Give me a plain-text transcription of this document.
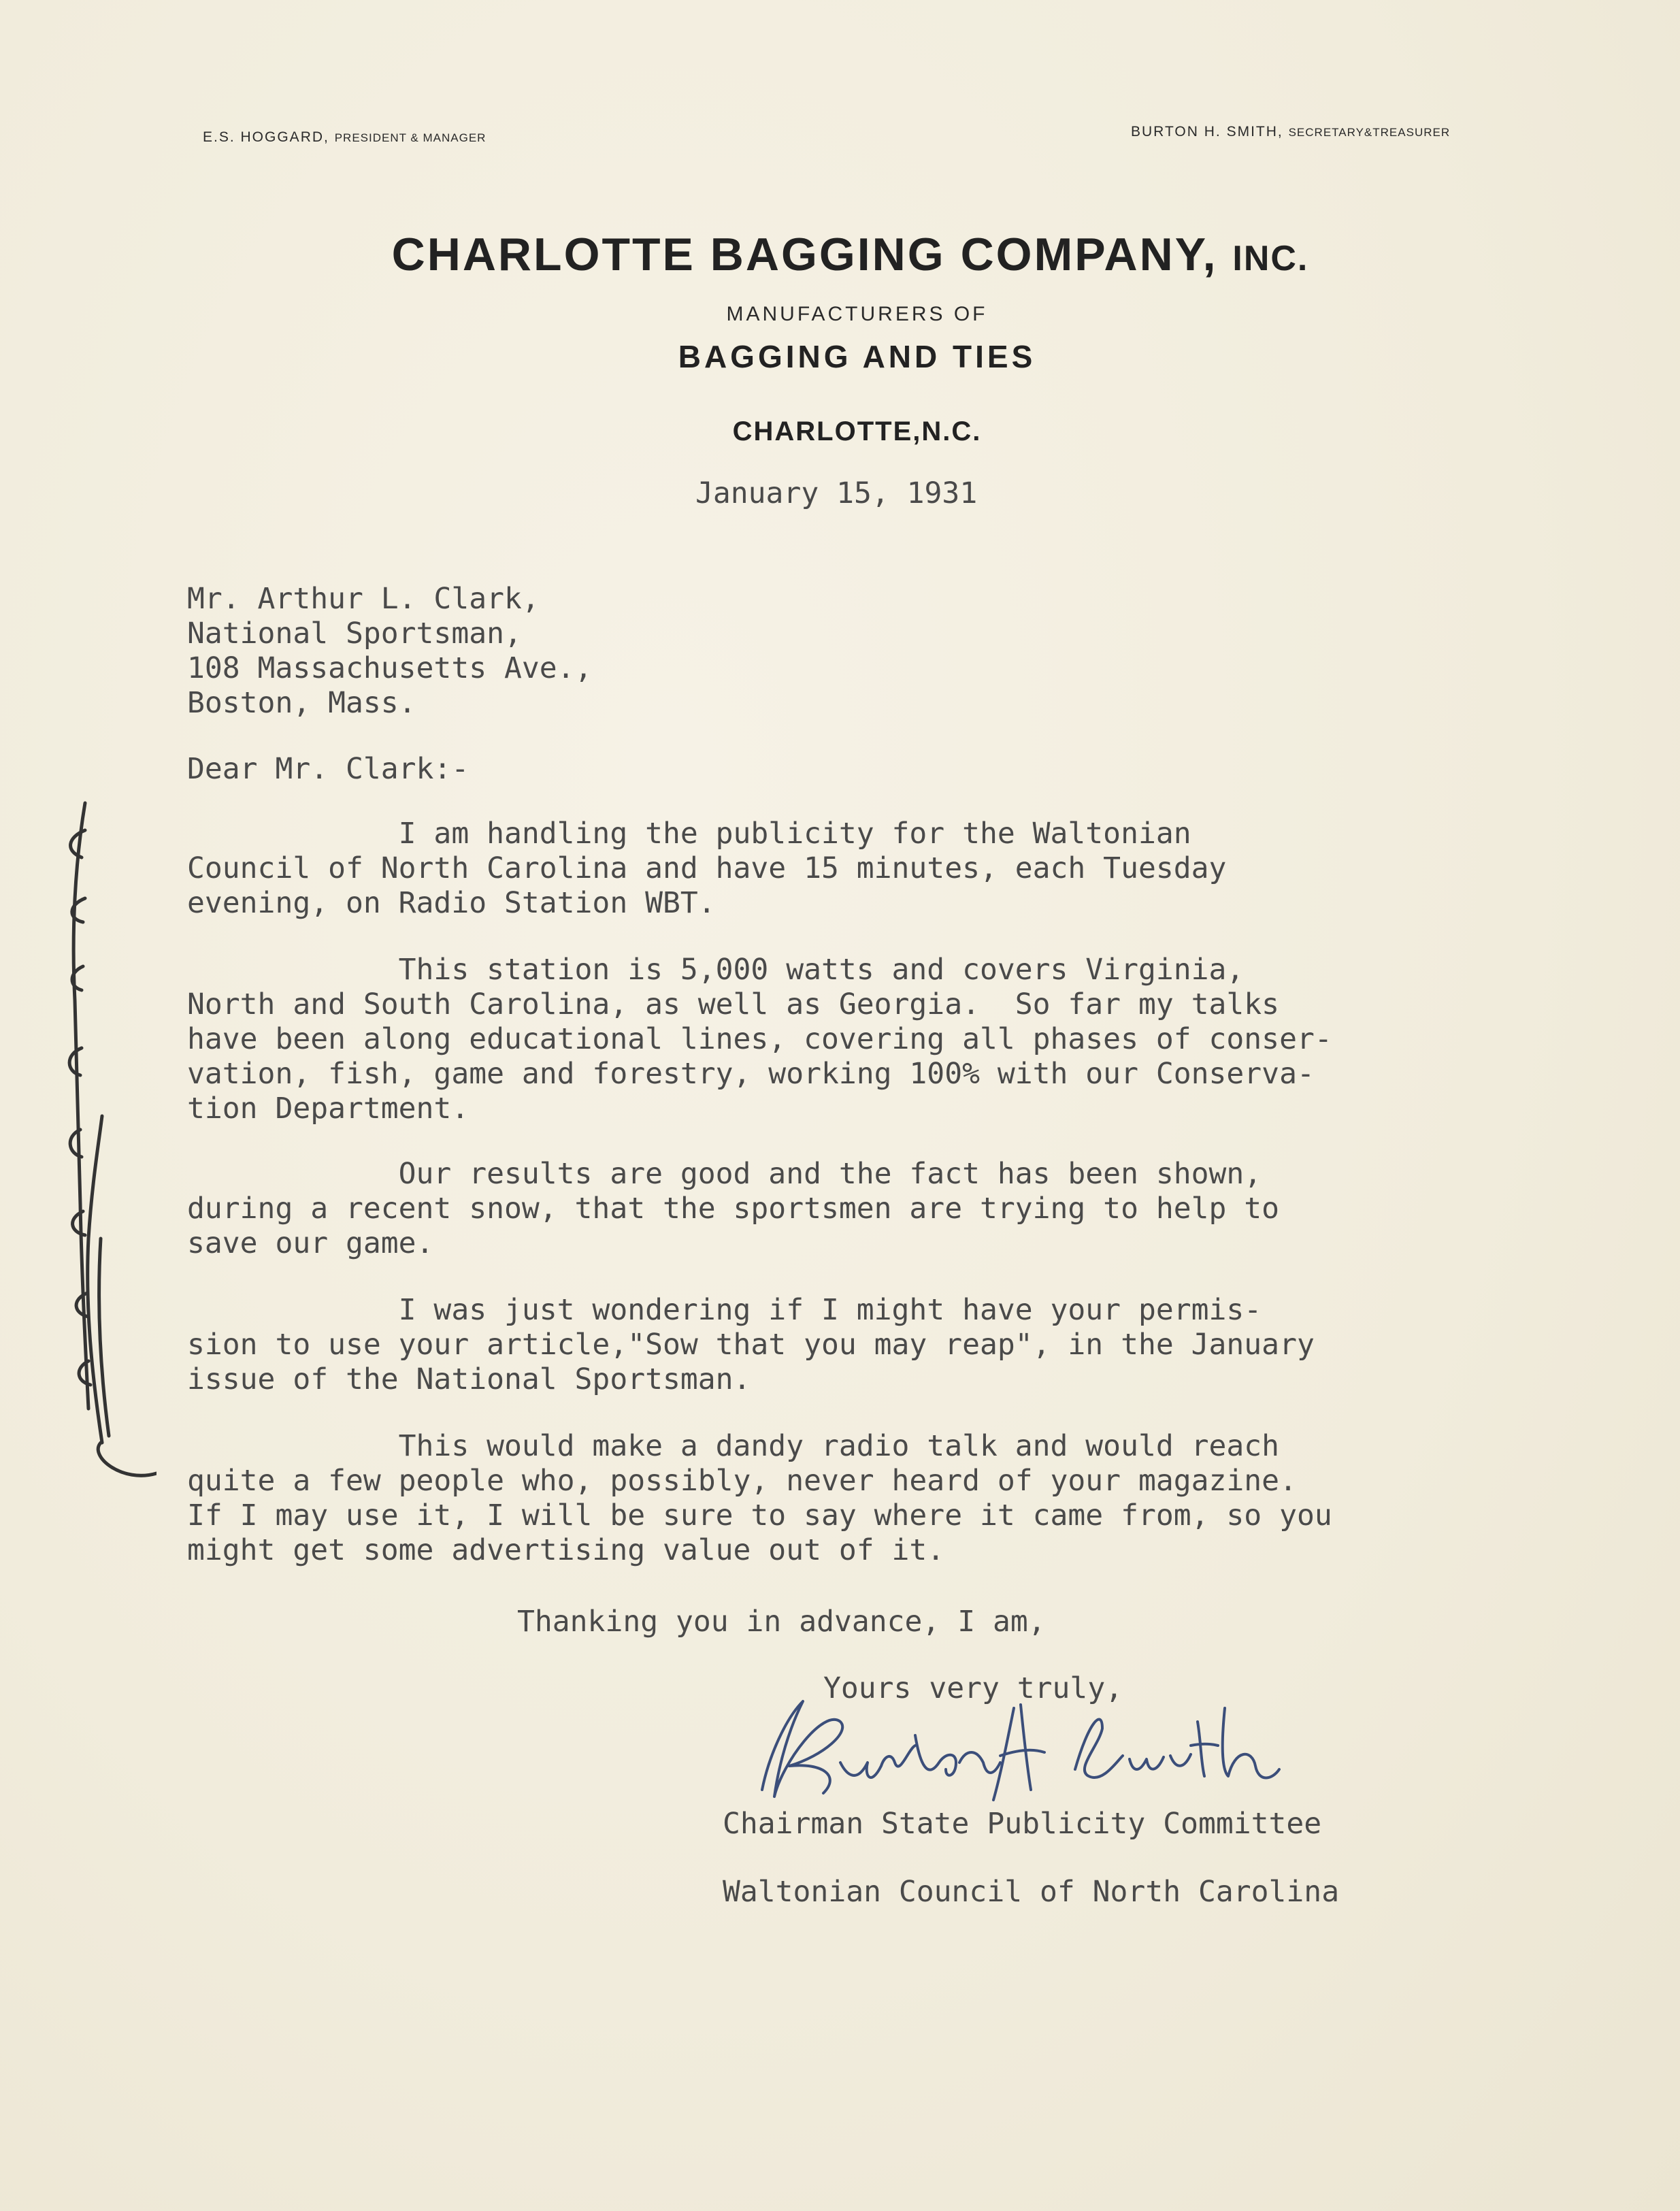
E.S. HOGGARD, PRESIDENT & MANAGER	BURTON H. SMITH, SECRETARY&TREASURER
CHARLOTTE BAGGING COMPANY, INC.
MANUFACTURERS OF
BAGGING AND TIES
CHARLOTTE,N.C.
January 15, 1931
Mr. Arthur L. Clark,
National Sportsman,
108 Massachusetts Ave.,
Boston, Mass.
Dear Mr. Clark:-
I am handling the publicity for the Waltonian
Council of North Carolina and have 15 minutes, each Tuesday
evening, on Radio Station WBT.
This station is 5,000 watts and covers Virginia,
North and South Carolina, as well as Georgia.  So far my talks
have been along educational lines, covering all phases of conser-
vation, fish, game and forestry, working 100% with our Conserva-
tion Department.
Our results are good and the fact has been shown,
during a recent snow, that the sportsmen are trying to help to
save our game.
I was just wondering if I might have your permis-
sion to use your article,"Sow that you may reap", in the January
issue of the National Sportsman.
This would make a dandy radio talk and would reach
quite a few people who, possibly, never heard of your magazine.
If I may use it, I will be sure to say where it came from, so you
might get some advertising value out of it.
Thanking you in advance, I am,
Yours very truly,
Chairman State Publicity Committee
Waltonian Council of North Carolina
